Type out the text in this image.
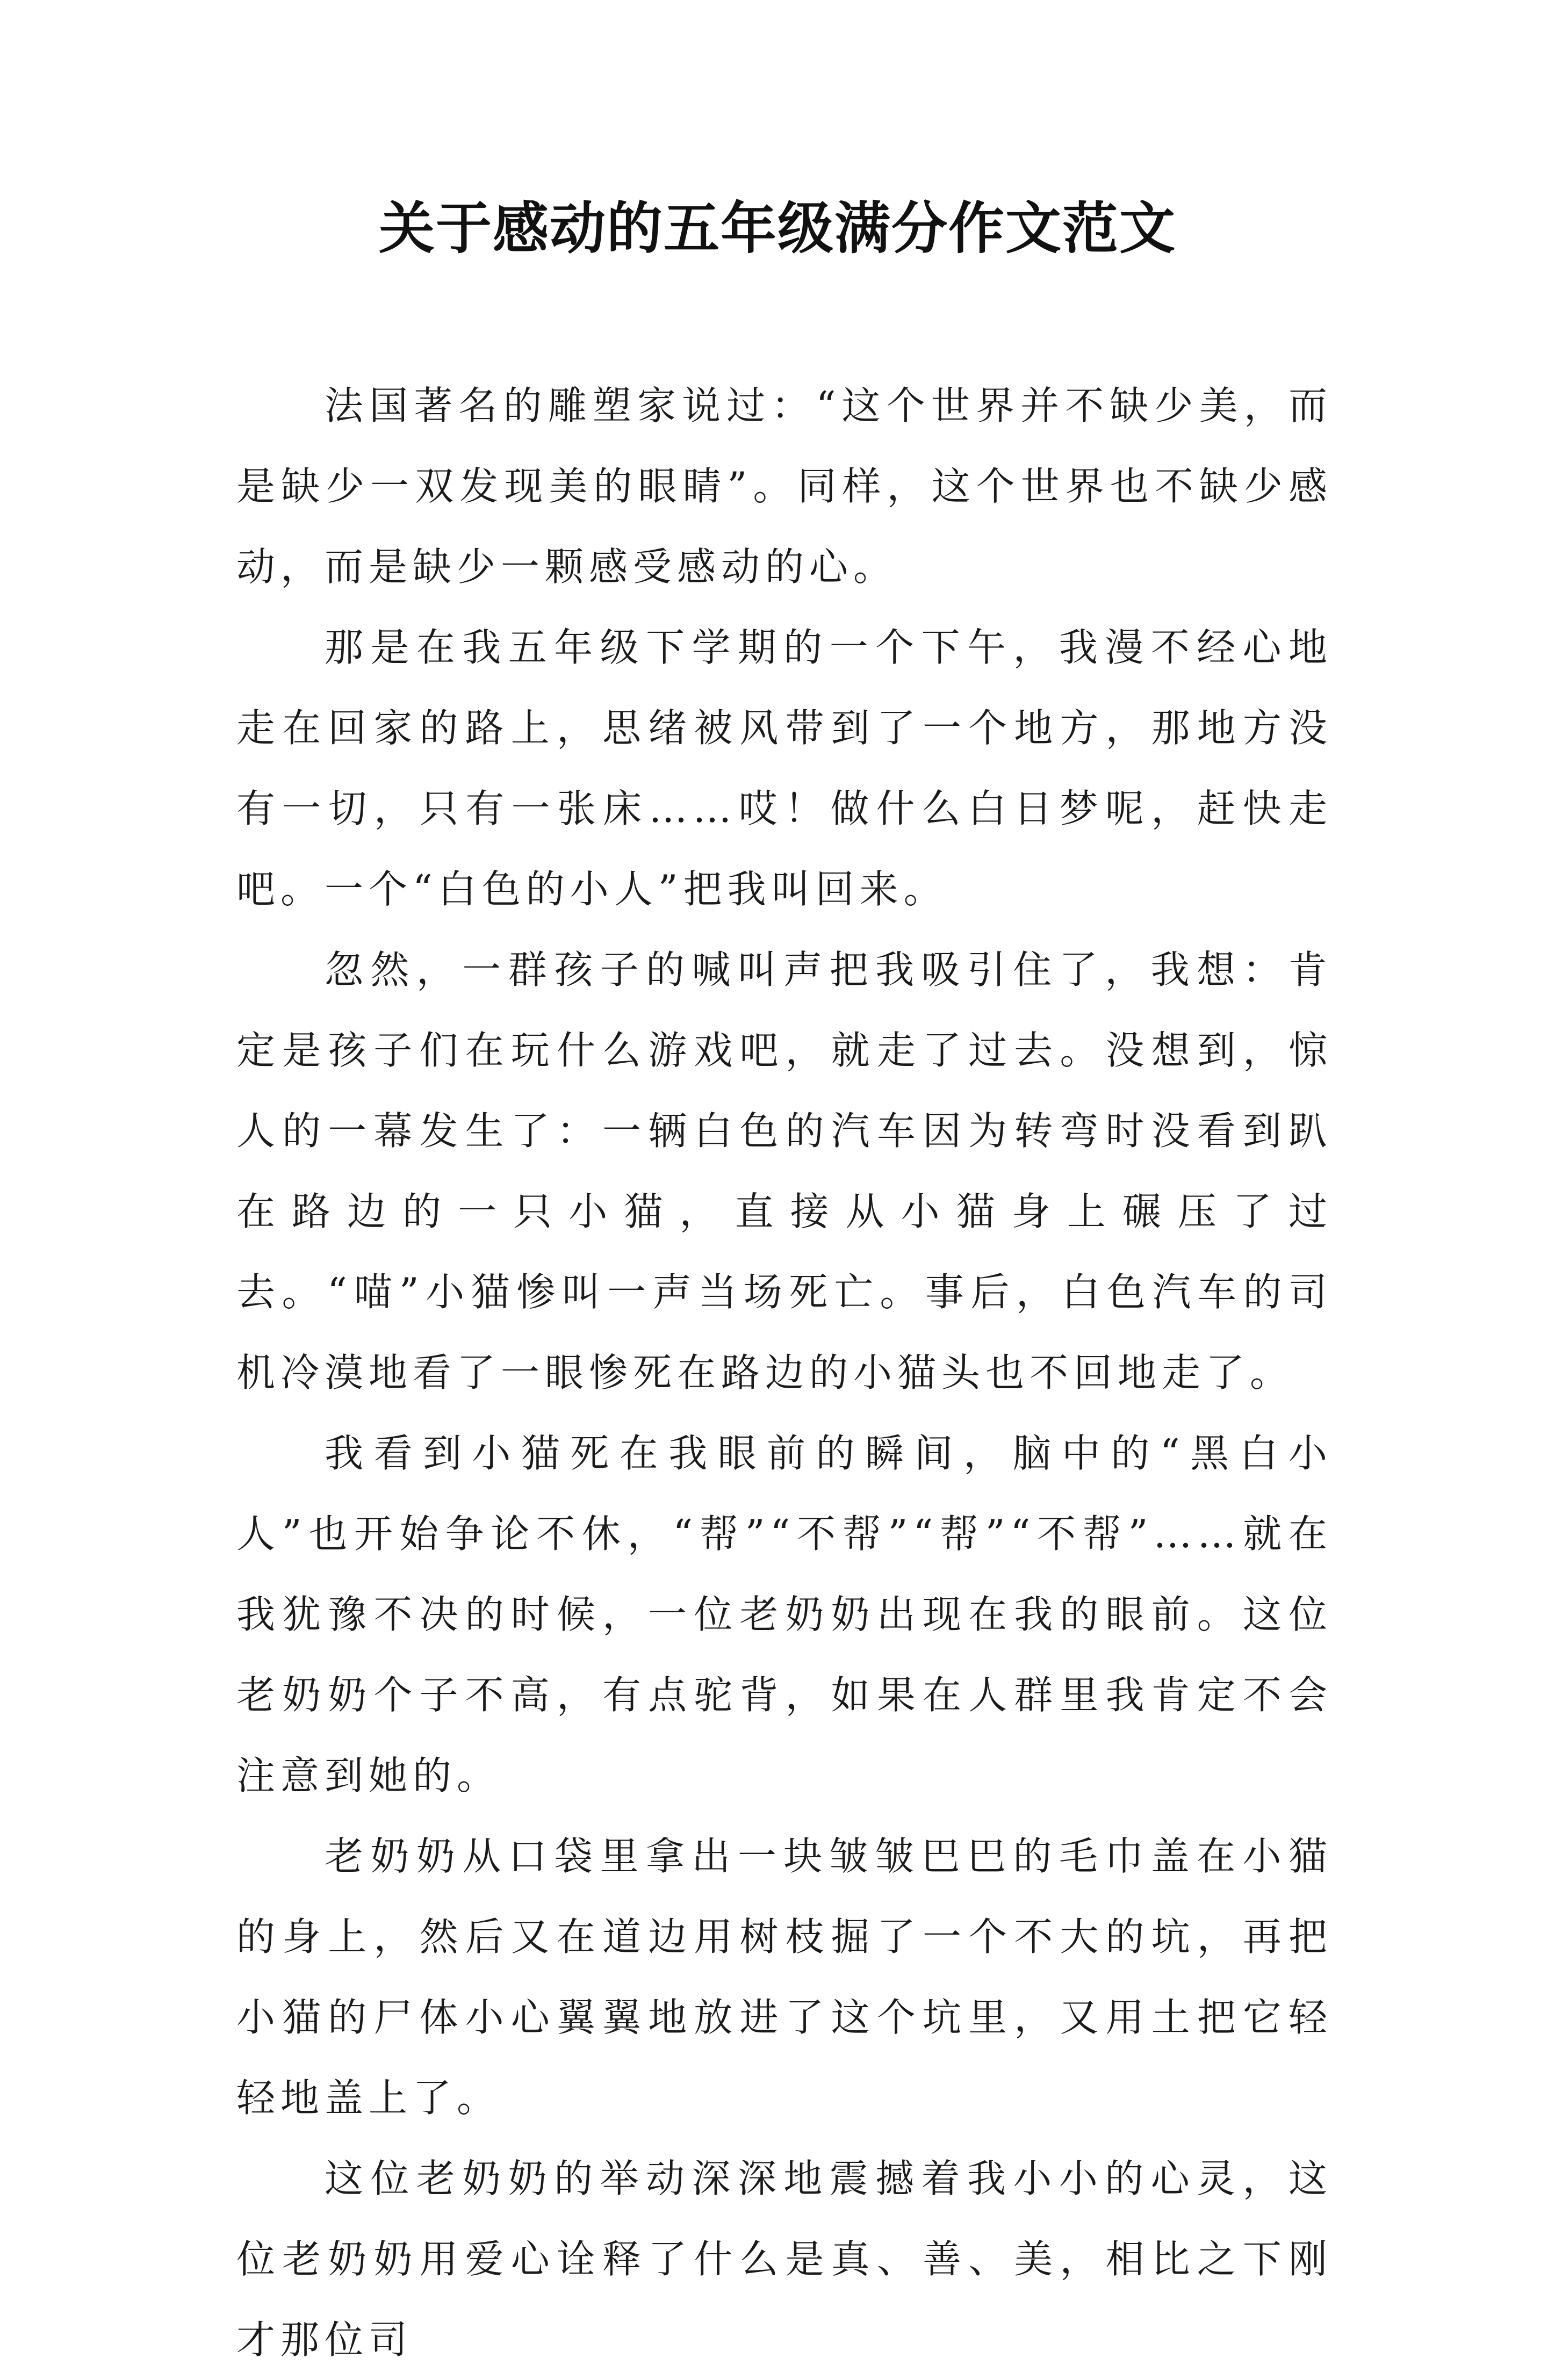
关于感动的五年级满分作文范文

法国著名的雕塑家说过：“这个世界并不缺少美，而是缺少一双发现美的眼睛”。同样，这个世界也不缺少感动，而是缺少一颗感受感动的心。

那是在我五年级下学期的一个下午，我漫不经心地走在回家的路上，思绪被风带到了一个地方，那地方没有一切，只有一张床……哎！做什么白日梦呢，赶快走吧。一个“白色的小人”把我叫回来。

忽然，一群孩子的喊叫声把我吸引住了，我想：肯定是孩子们在玩什么游戏吧，就走了过去。没想到，惊人的一幕发生了：一辆白色的汽车因为转弯时没看到趴在路边的一只小猫，直接从小猫身上碾压了过去。“喵”小猫惨叫一声当场死亡。事后，白色汽车的司机冷漠地看了一眼惨死在路边的小猫头也不回地走了。

我看到小猫死在我眼前的瞬间，脑中的“黑白小人”也开始争论不休，“帮”“不帮”“帮”“不帮”……就在我犹豫不决的时候，一位老奶奶出现在我的眼前。这位老奶奶个子不高，有点驼背，如果在人群里我肯定不会注意到她的。

老奶奶从口袋里拿出一块皱皱巴巴的毛巾盖在小猫的身上，然后又在道边用树枝掘了一个不大的坑，再把小猫的尸体小心翼翼地放进了这个坑里，又用土把它轻轻地盖上了。

这位老奶奶的举动深深地震撼着我小小的心灵，这位老奶奶用爱心诠释了什么是真、善、美，相比之下刚才那位司
